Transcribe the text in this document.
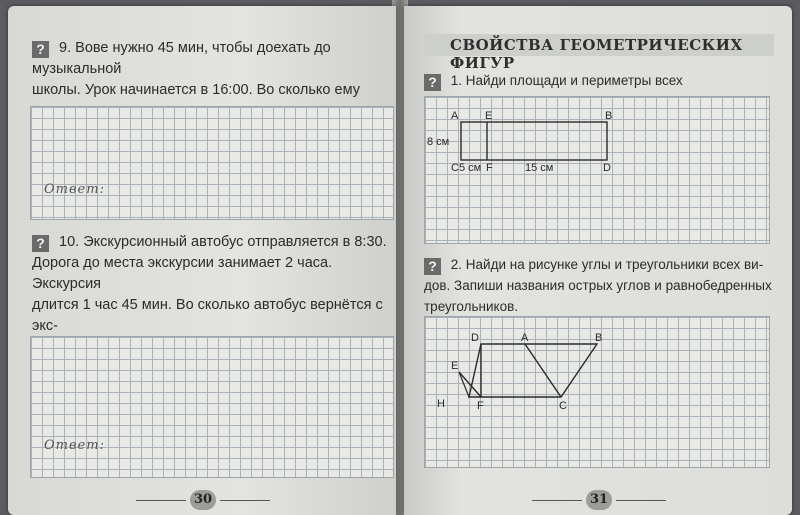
? 9. Вове нужно 45 мин, чтобы доехать до музыкальной
школы. Урок начинается в 16:00. Во сколько ему
Ответ:
? 10. Экскурсионный автобус отправляется в 8:30.
Дорога до места экскурсии занимает 2 часа. Экскурсия
длится 1 час 45 мин. Во сколько автобус вернётся с экс-
Ответ:
30
СВОЙСТВА ГЕОМЕТРИЧЕСКИХ ФИГУР
? 1. Найди площади и периметры всех
A E	B
C F	D
8 см
5 см	15 см
? 2. Найди на рисунке углы и треугольники всех ви-
дов. Запиши названия острых углов и равнобедренных
треугольников.
D	A	B
E
H	F	C
31
